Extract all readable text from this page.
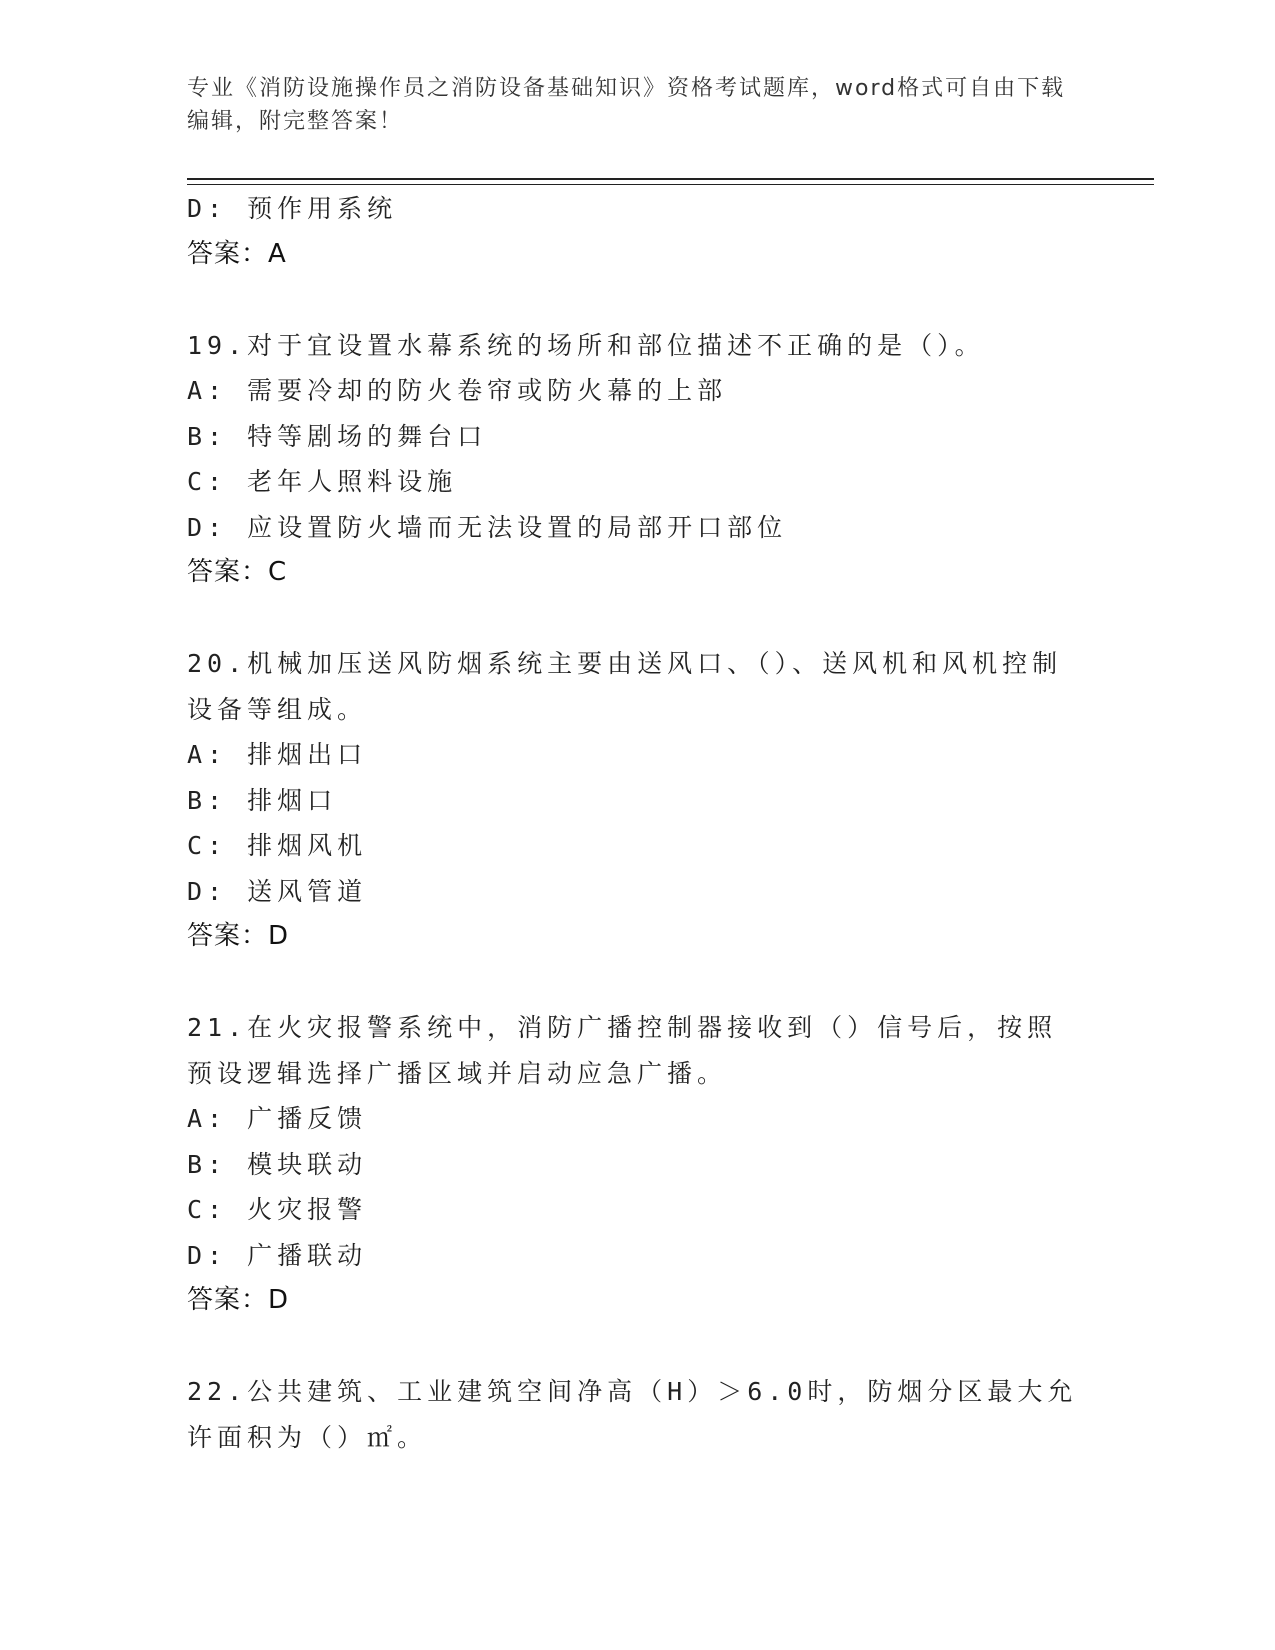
专业《消防设施操作员之消防设备基础知识》资格考试题库，word格式可自由下载编辑，附完整答案！
D: 预作用系统
答案：A
19.对于宜设置水幕系统的场所和部位描述不正确的是（）。
A: 需要冷却的防火卷帘或防火幕的上部
B: 特等剧场的舞台口
C: 老年人照料设施
D: 应设置防火墙而无法设置的局部开口部位
答案：C
20.机械加压送风防烟系统主要由送风口、（）、送风机和风机控制设备等组成。
A: 排烟出口
B: 排烟口
C: 排烟风机
D: 送风管道
答案：D
21.在火灾报警系统中，消防广播控制器接收到（）信号后，按照预设逻辑选择广播区域并启动应急广播。
A: 广播反馈
B: 模块联动
C: 火灾报警
D: 广播联动
答案：D
22.公共建筑、工业建筑空间净高（H）＞6.0时，防烟分区最大允许面积为（）㎡。
